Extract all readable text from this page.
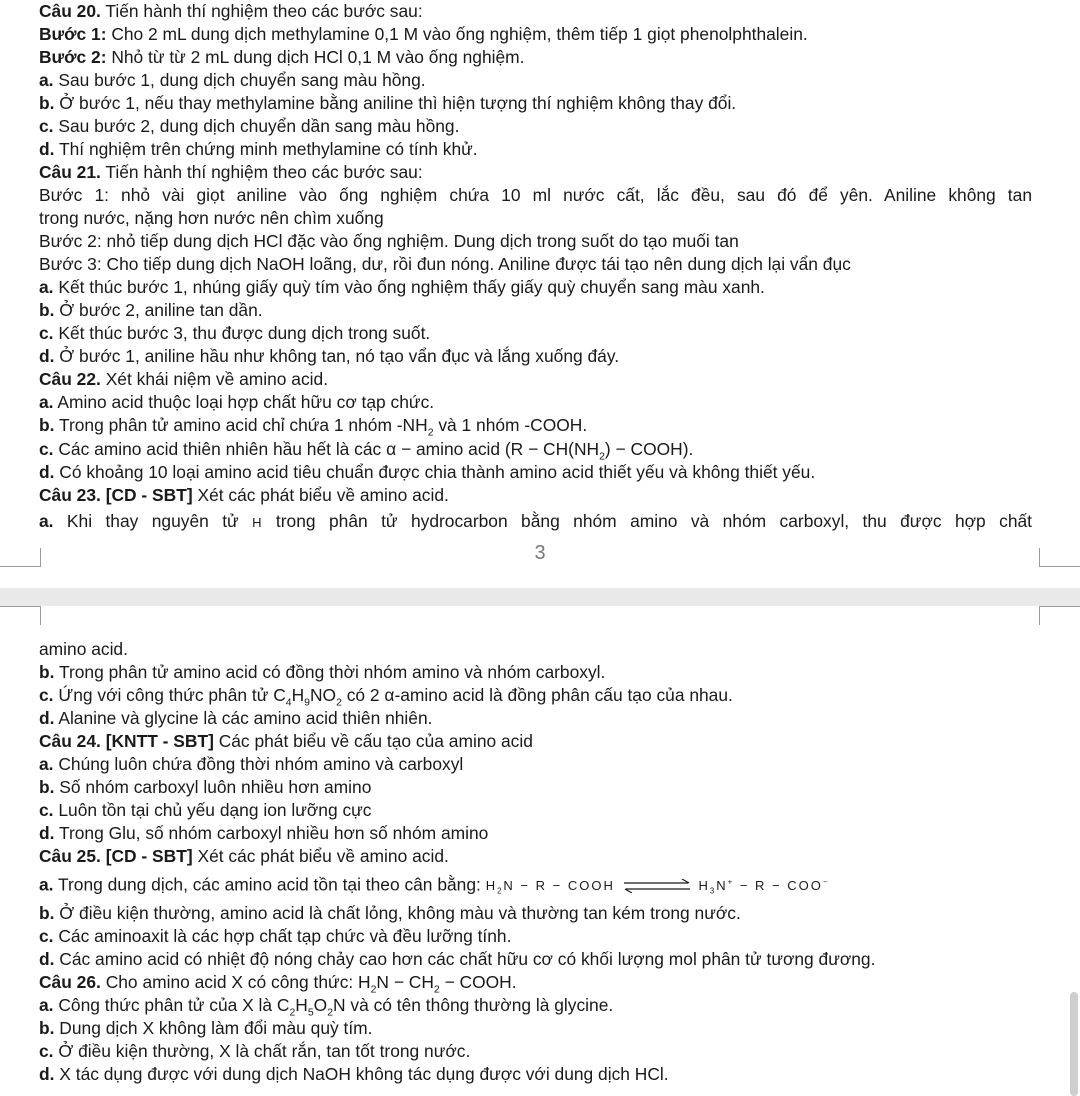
Câu 20. Tiến hành thí nghiệm theo các bước sau:
Bước 1: Cho 2 mL dung dịch methylamine 0,1 M vào ống nghiệm, thêm tiếp 1 giọt phenolphthalein.
Bước 2: Nhỏ từ từ 2 mL dung dịch HCl 0,1 M vào ống nghiệm.
a. Sau bước 1, dung dịch chuyển sang màu hồng.
b. Ở bước 1, nếu thay methylamine bằng aniline thì hiện tượng thí nghiệm không thay đổi.
c. Sau bước 2, dung dịch chuyển dần sang màu hồng.
d. Thí nghiệm trên chứng minh methylamine có tính khử.
Câu 21. Tiến hành thí nghiệm theo các bước sau:
Bước 1: nhỏ vài giọt aniline vào ống nghiệm chứa 10 ml nước cất, lắc đều, sau đó để yên. Aniline không tan
trong nước, nặng hơn nước nên chìm xuống
Bước 2: nhỏ tiếp dung dịch HCl đặc vào ống nghiệm. Dung dịch trong suốt do tạo muối tan
Bước 3: Cho tiếp dung dịch NaOH loãng, dư, rồi đun nóng. Aniline được tái tạo nên dung dịch lại vẩn đục
a. Kết thúc bước 1, nhúng giấy quỳ tím vào ống nghiệm thấy giấy quỳ chuyển sang màu xanh.
b. Ở bước 2, aniline tan dần.
c. Kết thúc bước 3, thu được dung dịch trong suốt.
d. Ở bước 1, aniline hầu như không tan, nó tạo vẩn đục và lắng xuống đáy.
Câu 22. Xét khái niệm về amino acid.
a. Amino acid thuộc loại hợp chất hữu cơ tạp chức.
b. Trong phân tử amino acid chỉ chứa 1 nhóm $-NH_2$ và 1 nhóm -COOH.
c. Các amino acid thiên nhiên hầu hết là các α − amino acid ($R - CH(NH_2)$ − COOH).
d. Có khoảng 10 loại amino acid tiêu chuẩn được chia thành amino acid thiết yếu và không thiết yếu.
Câu 23. [CD - SBT] Xét các phát biểu về amino acid.
a. Khi thay nguyên tử H trong phân tử hydrocarbon bằng nhóm amino và nhóm carboxyl, thu được hợp chất
3
amino acid.
b. Trong phân tử amino acid có đồng thời nhóm amino và nhóm carboxyl.
c. Ứng với công thức phân tử $C_4H_9NO_2$ có 2 α-amino acid là đồng phân cấu tạo của nhau.
d. Alanine và glycine là các amino acid thiên nhiên.
Câu 24. [KNTT - SBT] Các phát biểu về cấu tạo của amino acid
a. Chúng luôn chứa đồng thời nhóm amino và carboxyl
b. Số nhóm carboxyl luôn nhiều hơn amino
c. Luôn tồn tại chủ yếu dạng ion lưỡng cực
d. Trong Glu, số nhóm carboxyl nhiều hơn số nhóm amino
Câu 25. [CD - SBT] Xét các phát biểu về amino acid.
a. Trong dung dịch, các amino acid tồn tại theo cân bằng: $H_2N - R$ − COOH	$H_3N^+ - R - COO^-$
b. Ở điều kiện thường, amino acid là chất lỏng, không màu và thường tan kém trong nước.
c. Các aminoaxit là các hợp chất tạp chức và đều lưỡng tính.
d. Các amino acid có nhiệt độ nóng chảy cao hơn các chất hữu cơ có khối lượng mol phân tử tương đương.
Câu 26. Cho amino acid X có công thức: $H_2N - CH_2$ − COOH.
a. Công thức phân tử của X là $C_2H_5O_2N$ và có tên thông thường là glycine.
b. Dung dịch X không làm đổi màu quỳ tím.
c. Ở điều kiện thường, X là chất rắn, tan tốt trong nước.
d. X tác dụng được với dung dịch NaOH không tác dụng được với dung dịch HCl.
